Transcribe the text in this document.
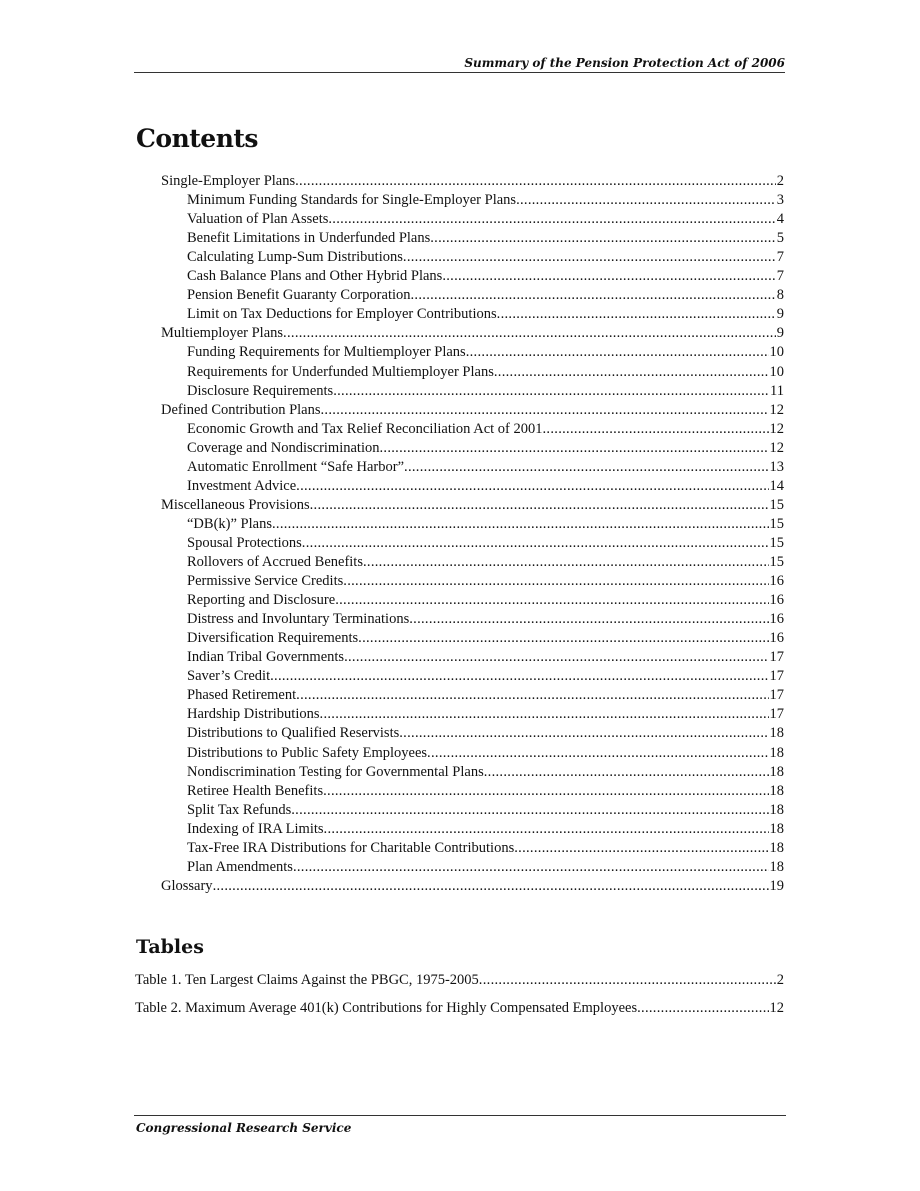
Summary of the Pension Protection Act of 2006
Contents
Single-Employer Plans .....	2
Minimum Funding Standards for Single-Employer Plans .....	3
Valuation of Plan Assets .....	4
Benefit Limitations in Underfunded Plans .....	5
Calculating Lump-Sum Distributions .....	7
Cash Balance Plans and Other Hybrid Plans .....	7
Pension Benefit Guaranty Corporation .....	8
Limit on Tax Deductions for Employer Contributions .....	9
Multiemployer Plans .....	9
Funding Requirements for Multiemployer Plans .....	10
Requirements for Underfunded Multiemployer Plans .....	10
Disclosure Requirements .....	11
Defined Contribution Plans .....	12
Economic Growth and Tax Relief Reconciliation Act of 2001 .....	12
Coverage and Nondiscrimination .....	12
Automatic Enrollment “Safe Harbor” .....	13
Investment Advice .....	14
Miscellaneous Provisions .....	15
“DB(k)” Plans .....	15
Spousal Protections .....	15
Rollovers of Accrued Benefits .....	15
Permissive Service Credits .....	16
Reporting and Disclosure .....	16
Distress and Involuntary Terminations .....	16
Diversification Requirements .....	16
Indian Tribal Governments .....	17
Saver’s Credit .....	17
Phased Retirement .....	17
Hardship Distributions .....	17
Distributions to Qualified Reservists .....	18
Distributions to Public Safety Employees .....	18
Nondiscrimination Testing for Governmental Plans .....	18
Retiree Health Benefits .....	18
Split Tax Refunds .....	18
Indexing of IRA Limits .....	18
Tax-Free IRA Distributions for Charitable Contributions .....	18
Plan Amendments .....	18
Glossary .....	19
Tables
Table 1. Ten Largest Claims Against the PBGC, 1975-2005 .....	2
Table 2. Maximum Average 401(k) Contributions for Highly Compensated Employees .....	12
Congressional Research Service
